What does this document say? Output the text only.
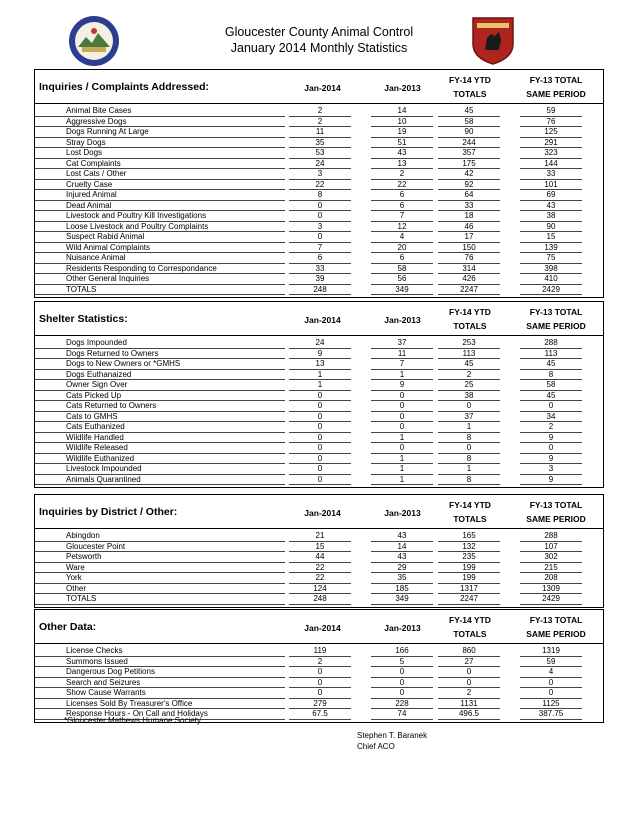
Gloucester County Animal Control
January 2014 Monthly Statistics
Inquiries / Complaints Addressed:	Jan-2014	Jan-2013
FY-14 YTD
TOTALS
FY-13 TOTAL
SAME PERIOD
Animal Bite Cases	2	14	45	59
Aggressive Dogs	2	10	58	76
Dogs Running At Large	11	19	90	125
Stray Dogs	35	51	244	291
Lost Dogs	53	43	357	323
Cat Complaints	24	13	175	144
Lost Cats / Other	3	2	42	33
Cruelty Case	22	22	92	101
Injured Animal	8	6	64	69
Dead Animal	0	6	33	43
Livestock and Poultry Kill Investigations	0	7	18	38
Loose Livestock and Poultry Complaints	3	12	46	90
Suspect Rabid Animal	0	4	17	15
Wild Animal Complaints	7	20	150	139
Nuisance Animal	6	6	76	75
Residents Responding to Correspondance	33	58	314	398
Other General Inquiries	39	56	426	410
TOTALS	248	349	2247	2429
Shelter Statistics:	Jan-2014	Jan-2013
FY-14 YTD
TOTALS
FY-13 TOTAL
SAME PERIOD
Dogs Impounded	24	37	253	288
Dogs Returned to Owners	9	11	113	113
Dogs to New Owners or *GMHS	13	7	45	45
Dogs Euthanaized	1	1	2	8
Owner Sign Over	1	9	25	58
Cats Picked Up	0	0	38	45
Cats Returned to Owners	0	0	0	0
Cats to GMHS	0	0	37	34
Cats Euthanized	0	0	1	2
Wildlife Handled	0	1	8	9
Wildlife Released	0	0	0	0
Wildlife Euthanized	0	1	8	9
Livestock Impounded	0	1	1	3
Animals Quarantined	0	1	8	9
Inquiries by District / Other:	Jan-2014	Jan-2013
FY-14 YTD
TOTALS
FY-13 TOTAL
SAME PERIOD
Abingdon	21	43	165	288
Gloucester Point	15	14	132	107
Petsworth	44	43	235	302
Ware	22	29	199	215
York	22	35	199	208
Other	124	185	1317	1309
TOTALS	248	349	2247	2429
Other Data:	Jan-2014	Jan-2013
FY-14 YTD
TOTALS
FY-13 TOTAL
SAME PERIOD
License Checks	119	166	860	1319
Summons Issued	2	5	27	59
Dangerous Dog Petitions	0	0	0	4
Search and Seizures	0	0	0	0
Show Cause Warrants	0	0	2	0
Licenses Sold By Treasurer's Office	279	228	1131	1125
Response Hours - On Call and Holidays	67.5	74	496.5	387.75
*Gloucester Mathews Humane Society
Stephen T. Baranek
Chief ACO
